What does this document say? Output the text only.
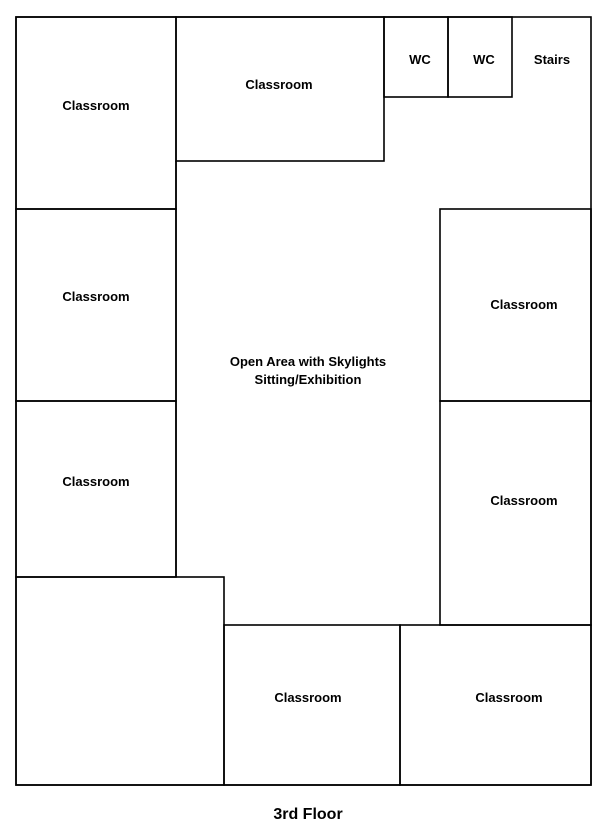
Classroom
Classroom
WC	WC	Stairs
Classroom
Classroom
Classroom
Classroom
Open Area with Skylights
Sitting/Exhibition
Classroom	Classroom
3rd Floor
